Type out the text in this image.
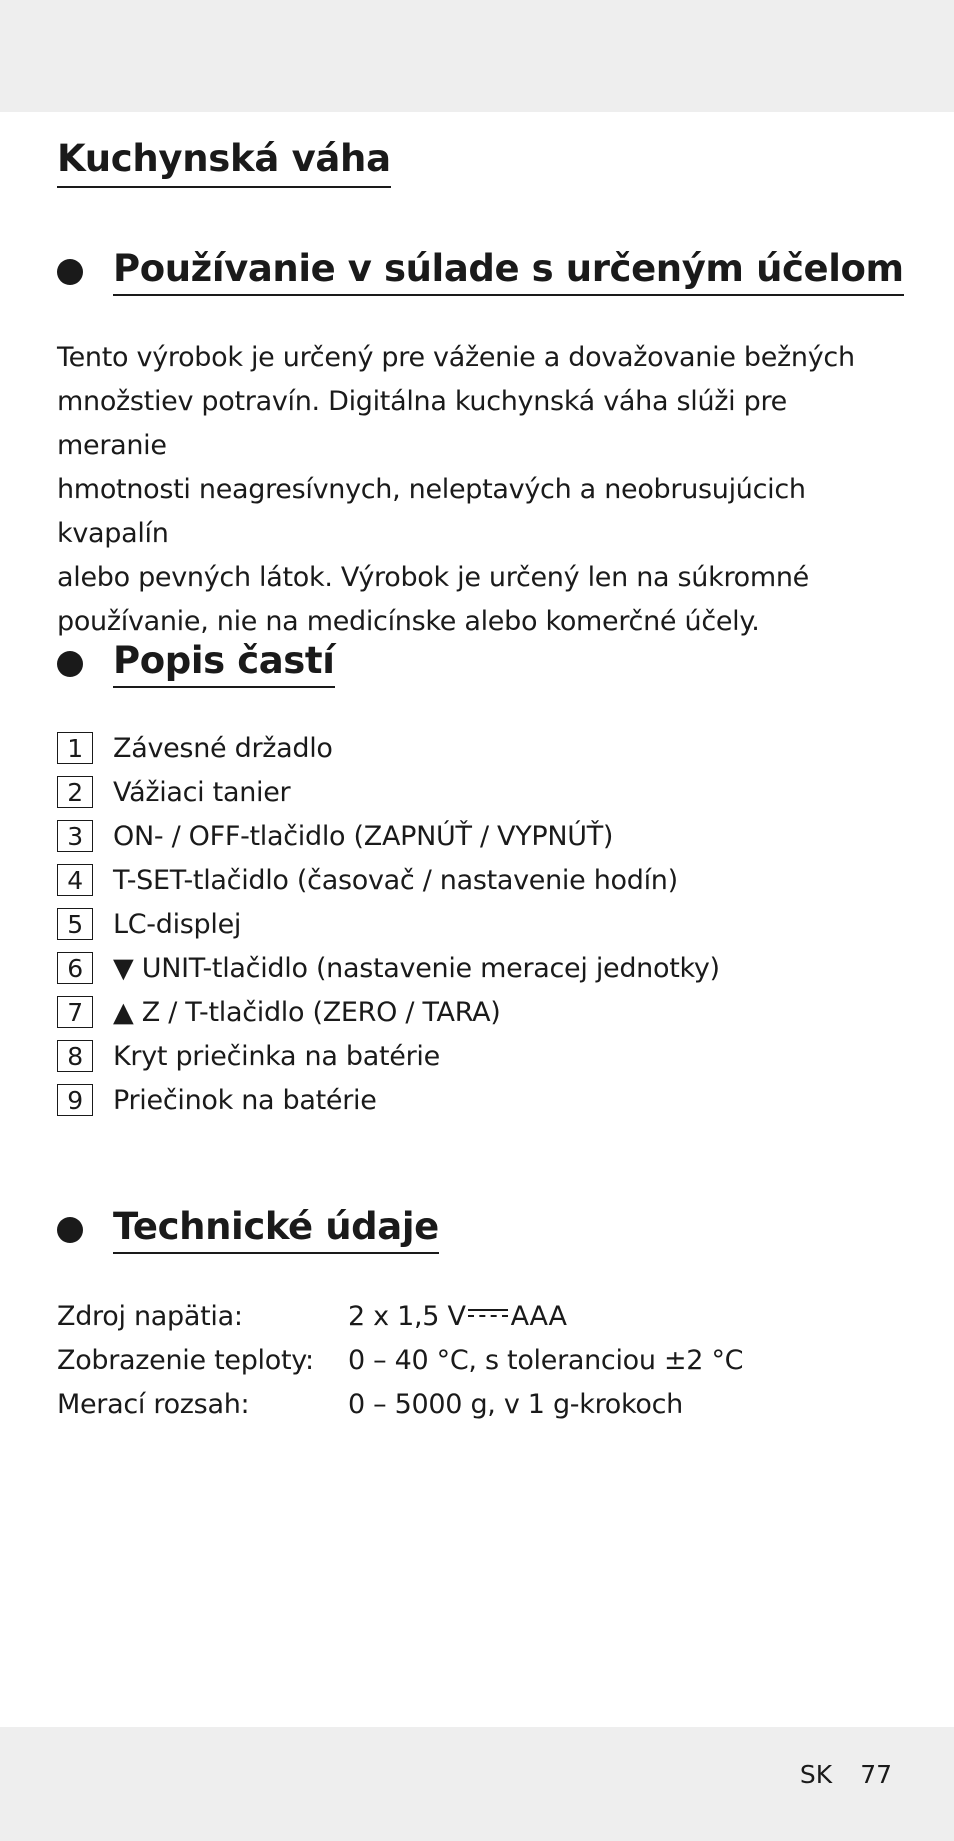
Kuchynská váha
Používanie v súlade s určeným účelom
Tento výrobok je určený pre váženie a dovažovanie bežných
množstiev potravín. Digitálna kuchynská váha slúži pre meranie
hmotnosti neagresívnych, neleptavých a neobrusujúcich kvapalín
alebo pevných látok. Výrobok je určený len na súkromné
používanie, nie na medicínske alebo komerčné účely.
Popis častí
1	Závesné držadlo
2	Vážiaci tanier
3	ON- / OFF-tlačidlo (ZAPNÚŤ / VYPNÚŤ)
4	T-SET-tlačidlo (časovač / nastavenie hodín)
5	LC-displej
6	▼ UNIT-tlačidlo (nastavenie meracej jednotky)
7	▲ Z / T-tlačidlo (ZERO / TARA)
8	Kryt priečinka na batérie
9	Priečinok na batérie
Technické údaje
Zdroj napätia:	2 x 1,5 V AAA
Zobrazenie teploty:	0 – 40 °C, s toleranciou ±2 °C
Merací rozsah:	0 – 5000 g, v 1 g-krokoch
SK 77
